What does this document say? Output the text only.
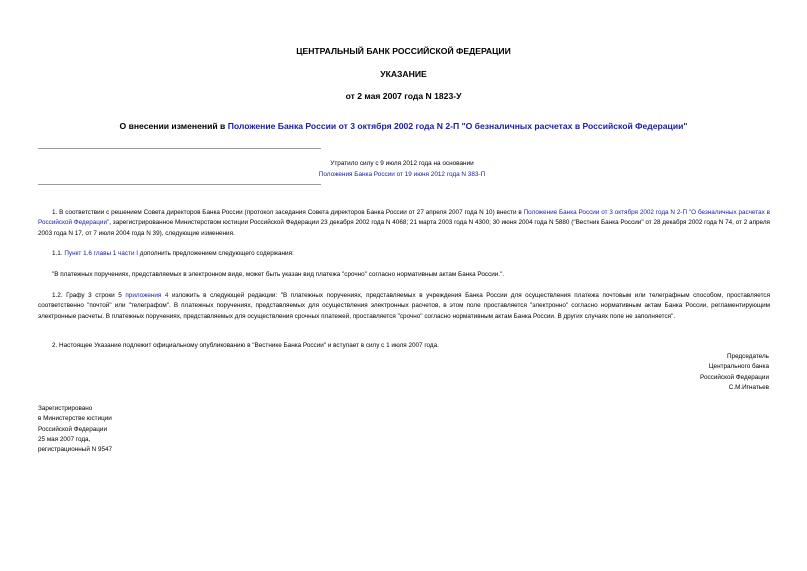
ЦЕНТРАЛЬНЫЙ БАНК РОССИЙСКОЙ ФЕДЕРАЦИИ
УКАЗАНИЕ
от 2 мая 2007 года N 1823-У
О внесении изменений в Положение Банка России от 3 октября 2002 года N 2-П "О безналичных расчетах в Российской Федерации"
Утратило силу с 9 июля 2012 года на основании
Положения Банка России от 19 июня 2012 года N 383-П
1. В соответствии с решением Совета директоров Банка России (протокол заседания Совета директоров Банка России от 27 апреля 2007 года N 10) внести в Положение Банка России от 3 октября 2002 года N 2-П "О безналичных расчетах в Российской Федерации", зарегистрированное Министерством юстиции Российской Федерации 23 декабря 2002 года N 4068; 21 марта 2003 года N 4300; 30 июня 2004 года N 5880 ("Вестник Банка России" от 28 декабря 2002 года N 74, от 2 апреля 2003 года N 17, от 7 июля 2004 года N 39), следующие изменения.
1.1. Пункт 1.6 главы 1 части I дополнить предложением следующего содержания:
"В платежных поручениях, представляемых в электронном виде, может быть указан вид платежа "срочно" согласно нормативным актам Банка России.".
1.2. Графу 3 строки 5 приложения 4 изложить в следующей редакции: "В платежных поручениях, представляемых в учреждения Банка России для осуществления платежа почтовым или телеграфным способом, проставляется соответственно "почтой" или "телеграфом". В платежных поручениях, представляемых для осуществления электронных расчетов, в этом поле проставляется "электронно" согласно нормативным актам Банка России, регламентирующим электронные расчеты. В платежных поручениях, представляемых для осуществления срочных платежей, проставляется "срочно" согласно нормативным актам Банка России. В других случаях поле не заполняется".
2. Настоящее Указание подлежит официальному опубликованию в "Вестнике Банка России" и вступает в силу с 1 июля 2007 года.
Председатель
Центрального банка
Российской Федерации
С.М.Игнатьев
Зарегистрировано
в Министерстве юстиции
Российской Федерации
25 мая 2007 года,
регистрационный N 9547
